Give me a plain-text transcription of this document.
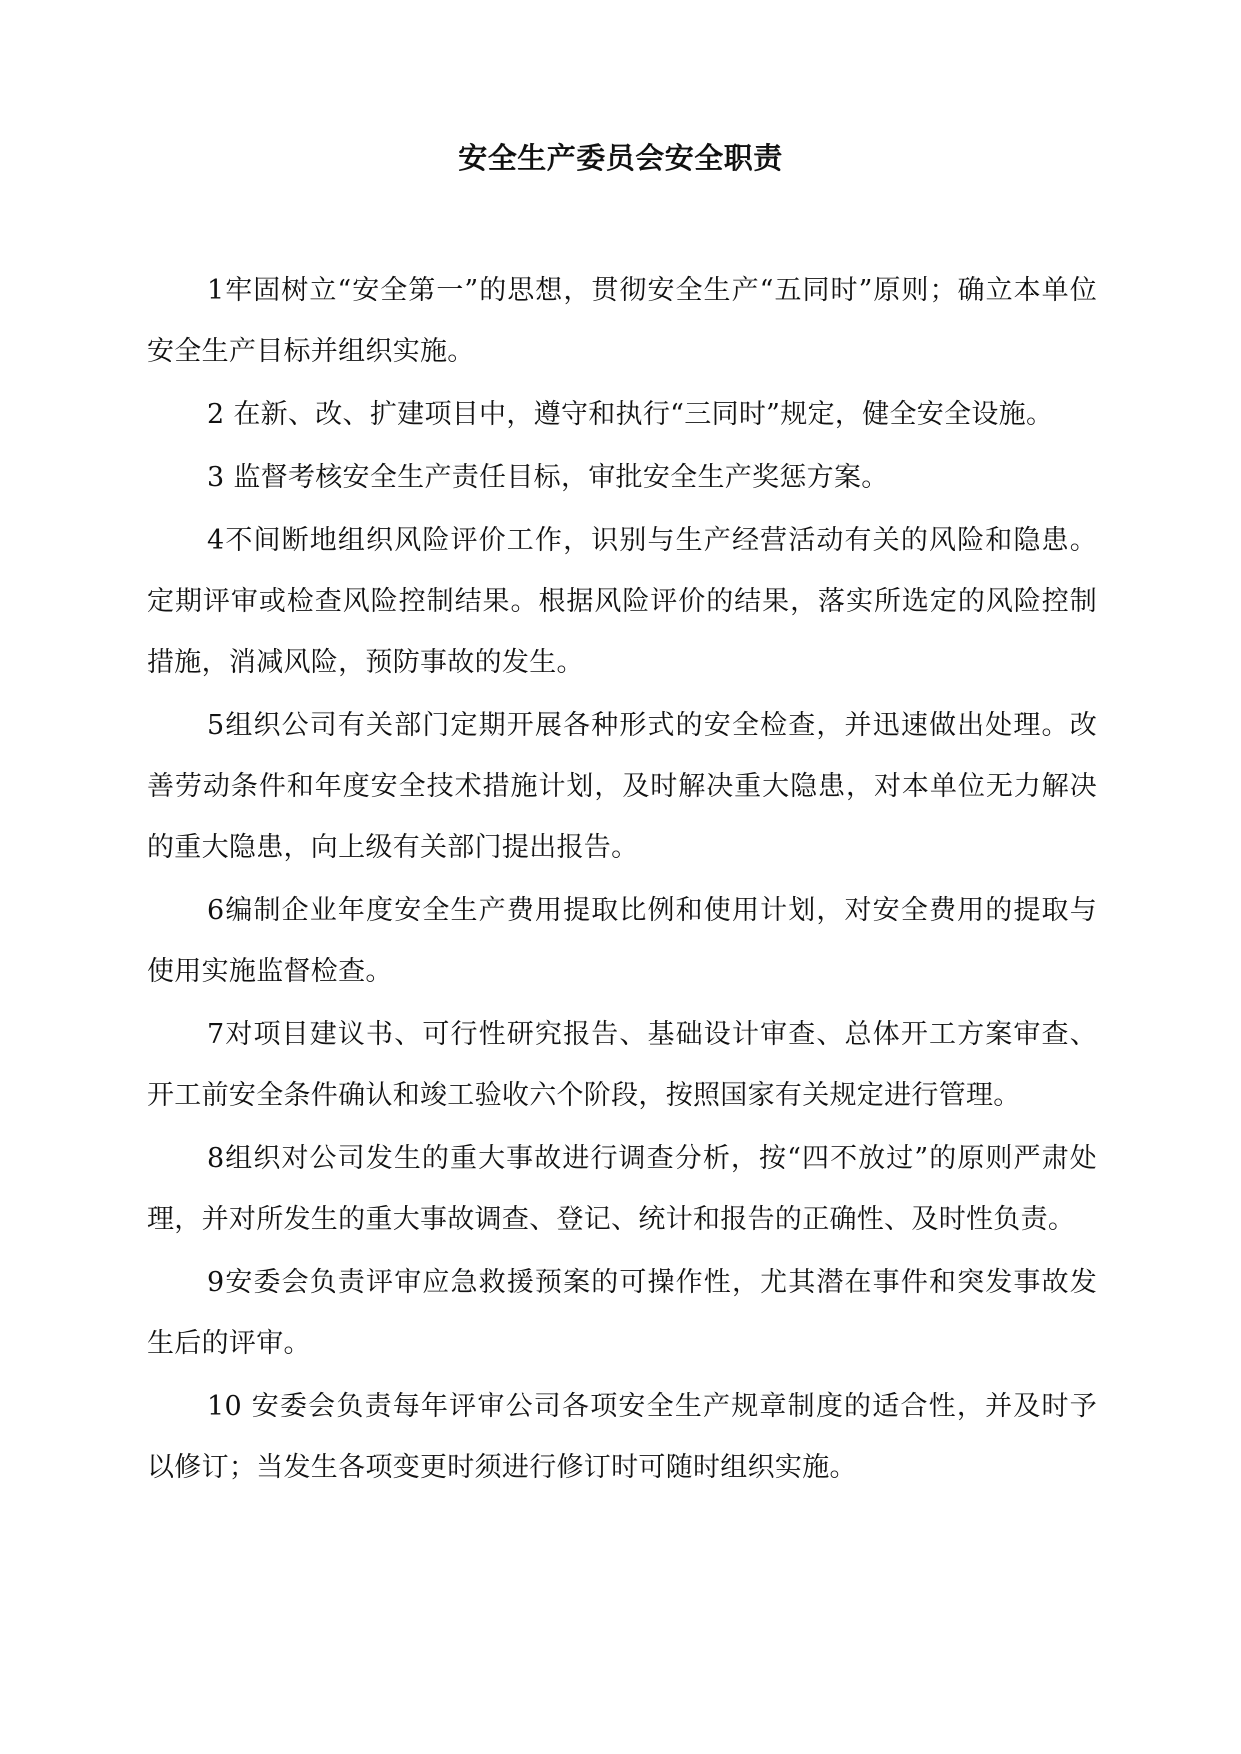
安全生产委员会安全职责

1牢固树立“安全第一”的思想，贯彻安全生产“五同时”原则；确立本单位安全生产目标并组织实施。

2 在新、改、扩建项目中，遵守和执行“三同时”规定，健全安全设施。

3 监督考核安全生产责任目标，审批安全生产奖惩方案。

4不间断地组织风险评价工作，识别与生产经营活动有关的风险和隐患。定期评审或检查风险控制结果。根据风险评价的结果，落实所选定的风险控制措施，消减风险，预防事故的发生。

5组织公司有关部门定期开展各种形式的安全检查，并迅速做出处理。改善劳动条件和年度安全技术措施计划，及时解决重大隐患，对本单位无力解决的重大隐患，向上级有关部门提出报告。

6编制企业年度安全生产费用提取比例和使用计划，对安全费用的提取与使用实施监督检查。

7对项目建议书、可行性研究报告、基础设计审查、总体开工方案审查、开工前安全条件确认和竣工验收六个阶段，按照国家有关规定进行管理。

8组织对公司发生的重大事故进行调查分析，按“四不放过”的原则严肃处理，并对所发生的重大事故调查、登记、统计和报告的正确性、及时性负责。

9安委会负责评审应急救援预案的可操作性，尤其潜在事件和突发事故发生后的评审。

10 安委会负责每年评审公司各项安全生产规章制度的适合性，并及时予以修订；当发生各项变更时须进行修订时可随时组织实施。
